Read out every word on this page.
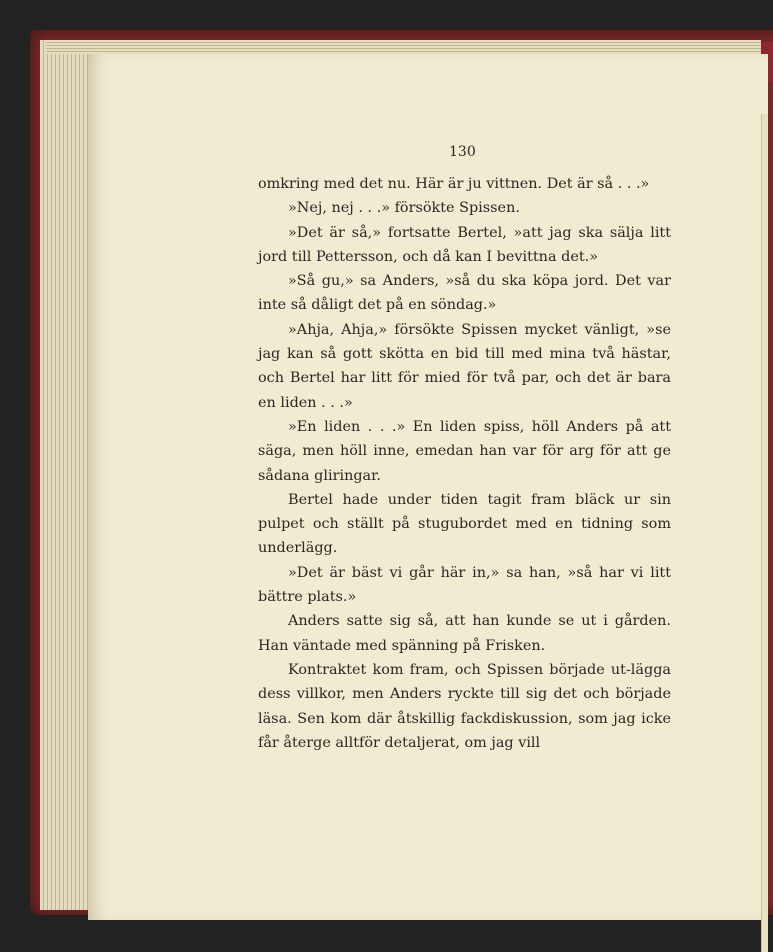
130

omkring med det nu. Här är ju vittnen. Det är så . . .»

»Nej, nej . . .» försökte Spissen.

»Det är så,» fortsatte Bertel, »att jag ska sälja litt jord till Pettersson, och då kan I bevittna det.»

»Så gu,» sa Anders, »så du ska köpa jord. Det var inte så dåligt det på en söndag.»

»Ahja, Ahja,» försökte Spissen mycket vänligt, »se jag kan så gott skötta en bid till med mina två hästar, och Bertel har litt för mied för två par, och det är bara en liden . . .»

»En liden . . .» En liden spiss, höll Anders på att säga, men höll inne, emedan han var för arg för att ge sådana gliringar.

Bertel hade under tiden tagit fram bläck ur sin pulpet och ställt på stugubordet med en tidning som underlägg.

»Det är bäst vi går här in,» sa han, »så har vi litt bättre plats.»

Anders satte sig så, att han kunde se ut i gården. Han väntade med spänning på Frisken.

Kontraktet kom fram, och Spissen började ut-lägga dess villkor, men Anders ryckte till sig det och började läsa. Sen kom där åtskillig fackdiskussion, som jag icke får återge alltför detaljerat, om jag vill
